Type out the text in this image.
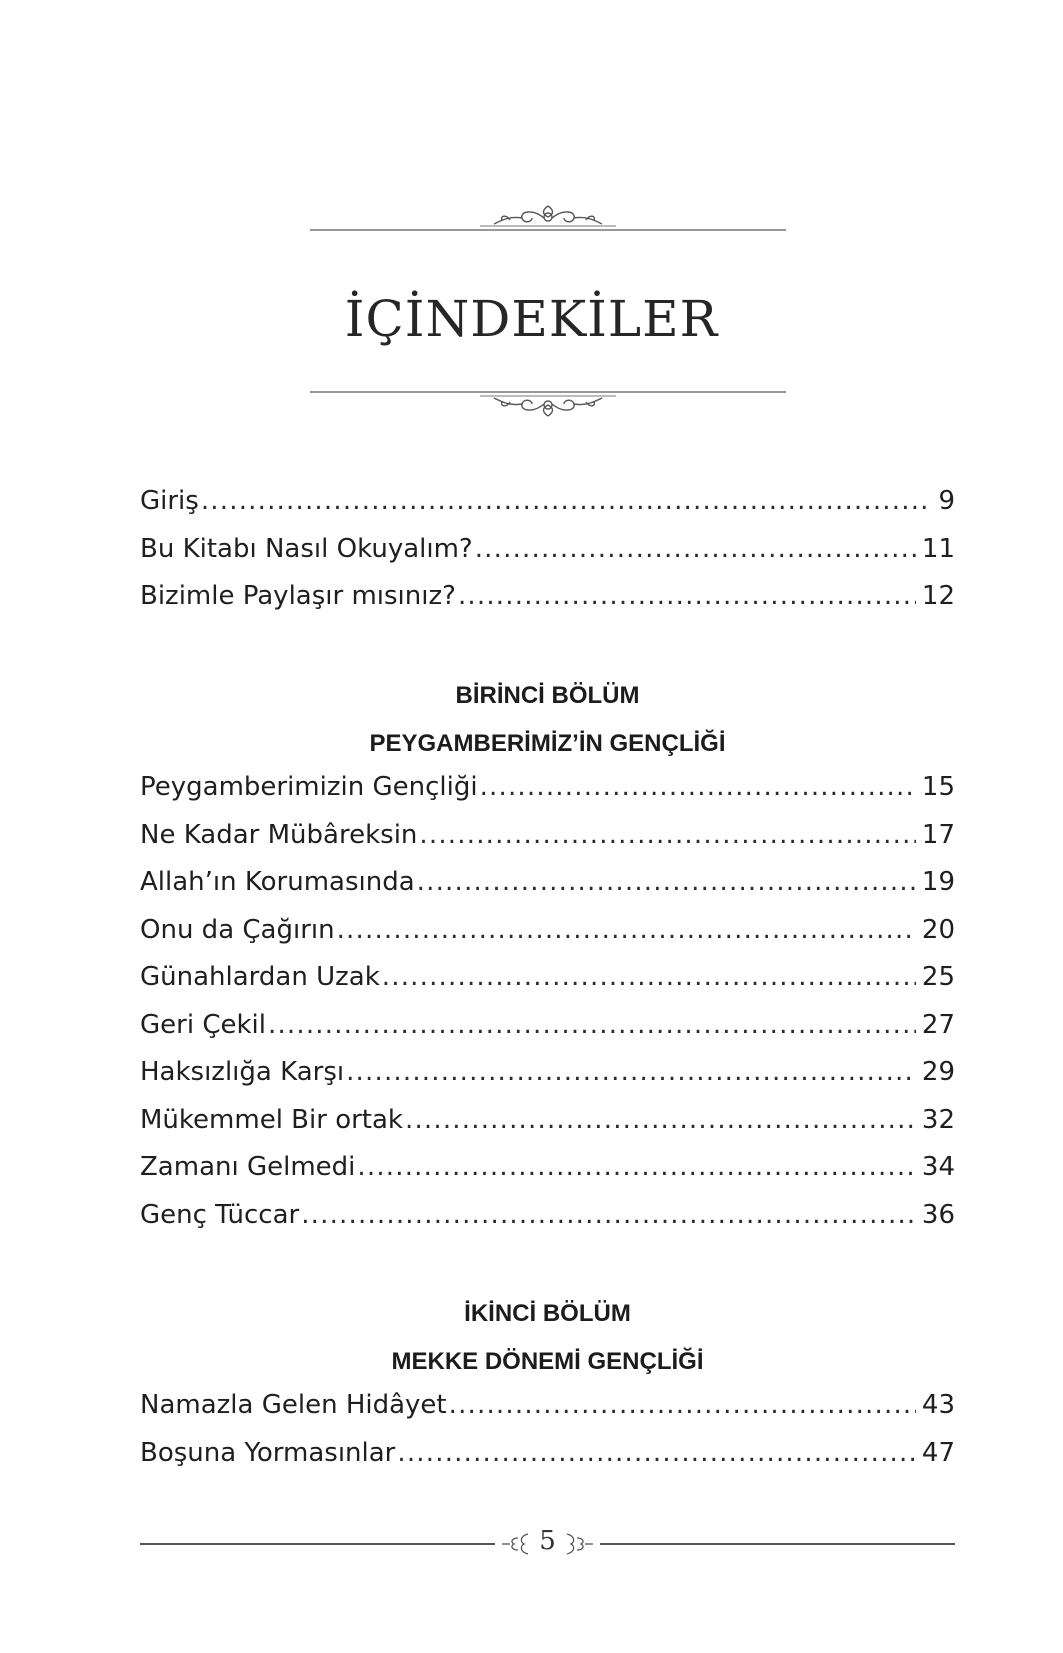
İÇİNDEKİLER
Giriş .....	9
Bu Kitabı Nasıl Okuyalım? .....	11
Bizimle Paylaşır mısınız? .....	12
BİRİNCİ BÖLÜM
PEYGAMBERİMİZ’İN GENÇLİĞİ
Peygamberimizin Gençliği .....	15
Ne Kadar Mübâreksin .....	17
Allah’ın Korumasında .....	19
Onu da Çağırın .....	20
Günahlardan Uzak .....	25
Geri Çekil .....	27
Haksızlığa Karşı .....	29
Mükemmel Bir ortak .....	32
Zamanı Gelmedi .....	34
Genç Tüccar .....	36
İKİNCİ BÖLÜM
MEKKE DÖNEMİ GENÇLİĞİ
Namazla Gelen Hidâyet .....	43
Boşuna Yormasınlar .....	47
5
